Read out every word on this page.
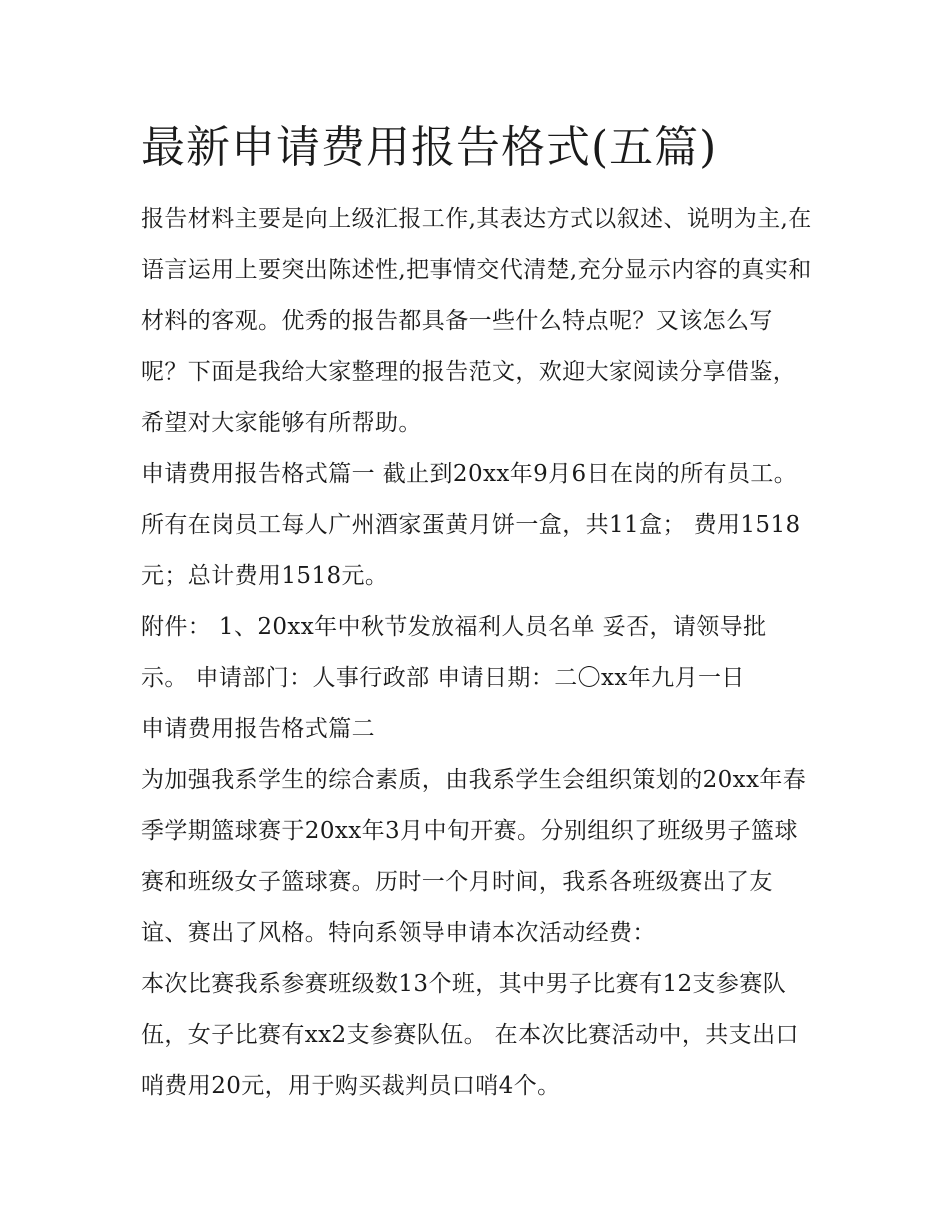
最新申请费用报告格式(五篇)

报告材料主要是向上级汇报工作,其表达方式以叙述、说明为主,在语言运用上要突出陈述性,把事情交代清楚,充分显示内容的真实和材料的客观。优秀的报告都具备一些什么特点呢？又该怎么写呢？下面是我给大家整理的报告范文，欢迎大家阅读分享借鉴，希望对大家能够有所帮助。

申请费用报告格式篇一 截止到20xx年9月6日在岗的所有员工。 所有在岗员工每人广州酒家蛋黄月饼一盒，共11盒； 费用1518元；总计费用1518元。

附件： 1、20xx年中秋节发放福利人员名单 妥否，请领导批示。 申请部门：人事行政部 申请日期：二〇xx年九月一日

申请费用报告格式篇二

为加强我系学生的综合素质，由我系学生会组织策划的20xx年春季学期篮球赛于20xx年3月中旬开赛。分别组织了班级男子篮球赛和班级女子篮球赛。历时一个月时间，我系各班级赛出了友谊、赛出了风格。特向系领导申请本次活动经费：

本次比赛我系参赛班级数13个班，其中男子比赛有12支参赛队伍，女子比赛有xx2支参赛队伍。 在本次比赛活动中，共支出口哨费用20元，用于购买裁判员口哨4个。
